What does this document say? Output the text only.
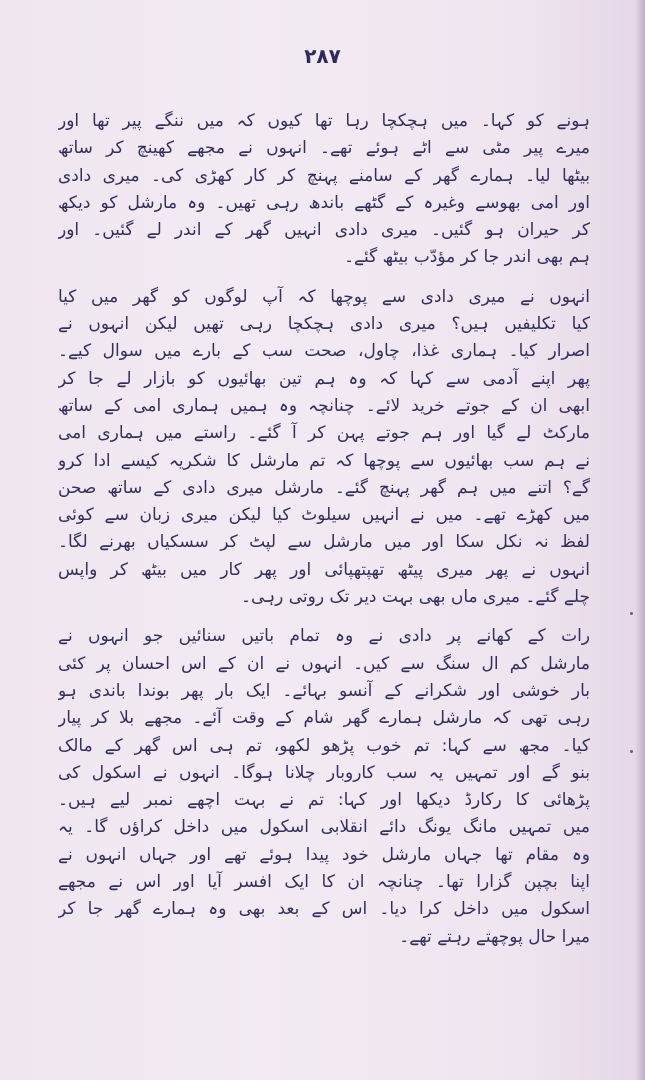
۲۸۷

ہونے کو کہا۔ میں ہچکچا رہا تھا کیوں کہ میں ننگے پیر تھا اور

میرے پیر مٹی سے اٹے ہوئے تھے۔ انہوں نے مجھے کھینچ کر ساتھ

بیٹھا لیا۔ ہمارے گھر کے سامنے پہنچ کر کار کھڑی کی۔ میری دادی

اور امی بھوسے وغیرہ کے گٹھے باندھ رہی تھیں۔ وہ مارشل کو دیکھ

کر حیران ہو گئیں۔ میری دادی انہیں گھر کے اندر لے گئیں۔ اور

ہم بھی اندر جا کر مؤدّب بیٹھ گئے۔

انہوں نے میری دادی سے پوچھا کہ آپ لوگوں کو گھر میں کیا

کیا تکلیفیں ہیں؟ میری دادی ہچکچا رہی تھیں لیکن انہوں نے

اصرار کیا۔ ہماری غذا، چاول، صحت سب کے بارے میں سوال کیے۔

پھر اپنے آدمی سے کہا کہ وہ ہم تین بھائیوں کو بازار لے جا کر

ابھی ان کے جوتے خرید لائے۔ چنانچہ وہ ہمیں ہماری امی کے ساتھ

مارکٹ لے گیا اور ہم جوتے پہن کر آ گئے۔ راستے میں ہماری امی

نے ہم سب بھائیوں سے پوچھا کہ تم مارشل کا شکریہ کیسے ادا کرو

گے؟ اتنے میں ہم گھر پہنچ گئے۔ مارشل میری دادی کے ساتھ صحن

میں کھڑے تھے۔ میں نے انہیں سیلوٹ کیا لیکن میری زبان سے کوئی

لفظ نہ نکل سکا اور میں مارشل سے لپٹ کر سسکیاں بھرنے لگا۔

انہوں نے پھر میری پیٹھ تھپتھپائی اور پھر کار میں بیٹھ کر واپس

چلے گئے۔ میری ماں بھی بہت دیر تک روتی رہی۔

رات کے کھانے پر دادی نے وہ تمام باتیں سنائیں جو انہوں نے

مارشل کم ال سنگ سے کیں۔ انہوں نے ان کے اس احسان پر کئی

بار خوشی اور شکرانے کے آنسو بہائے۔ ایک بار پھر بوندا باندی ہو

رہی تھی کہ مارشل ہمارے گھر شام کے وقت آئے۔ مجھے بلا کر پیار

کیا۔ مجھ سے کہا: تم خوب پڑھو لکھو، تم ہی اس گھر کے مالک

بنو گے اور تمہیں یہ سب کاروبار چلانا ہوگا۔ انہوں نے اسکول کی

پڑھائی کا رکارڈ دیکھا اور کہا: تم نے بہت اچھے نمبر لیے ہیں۔

میں تمہیں مانگ یونگ دائے انقلابی اسکول میں داخل کراؤں گا۔ یہ

وہ مقام تھا جہاں مارشل خود پیدا ہوئے تھے اور جہاں انہوں نے

اپنا بچپن گزارا تھا۔ چنانچہ ان کا ایک افسر آیا اور اس نے مجھے

اسکول میں داخل کرا دیا۔ اس کے بعد بھی وہ ہمارے گھر جا کر

میرا حال پوچھتے رہتے تھے۔
